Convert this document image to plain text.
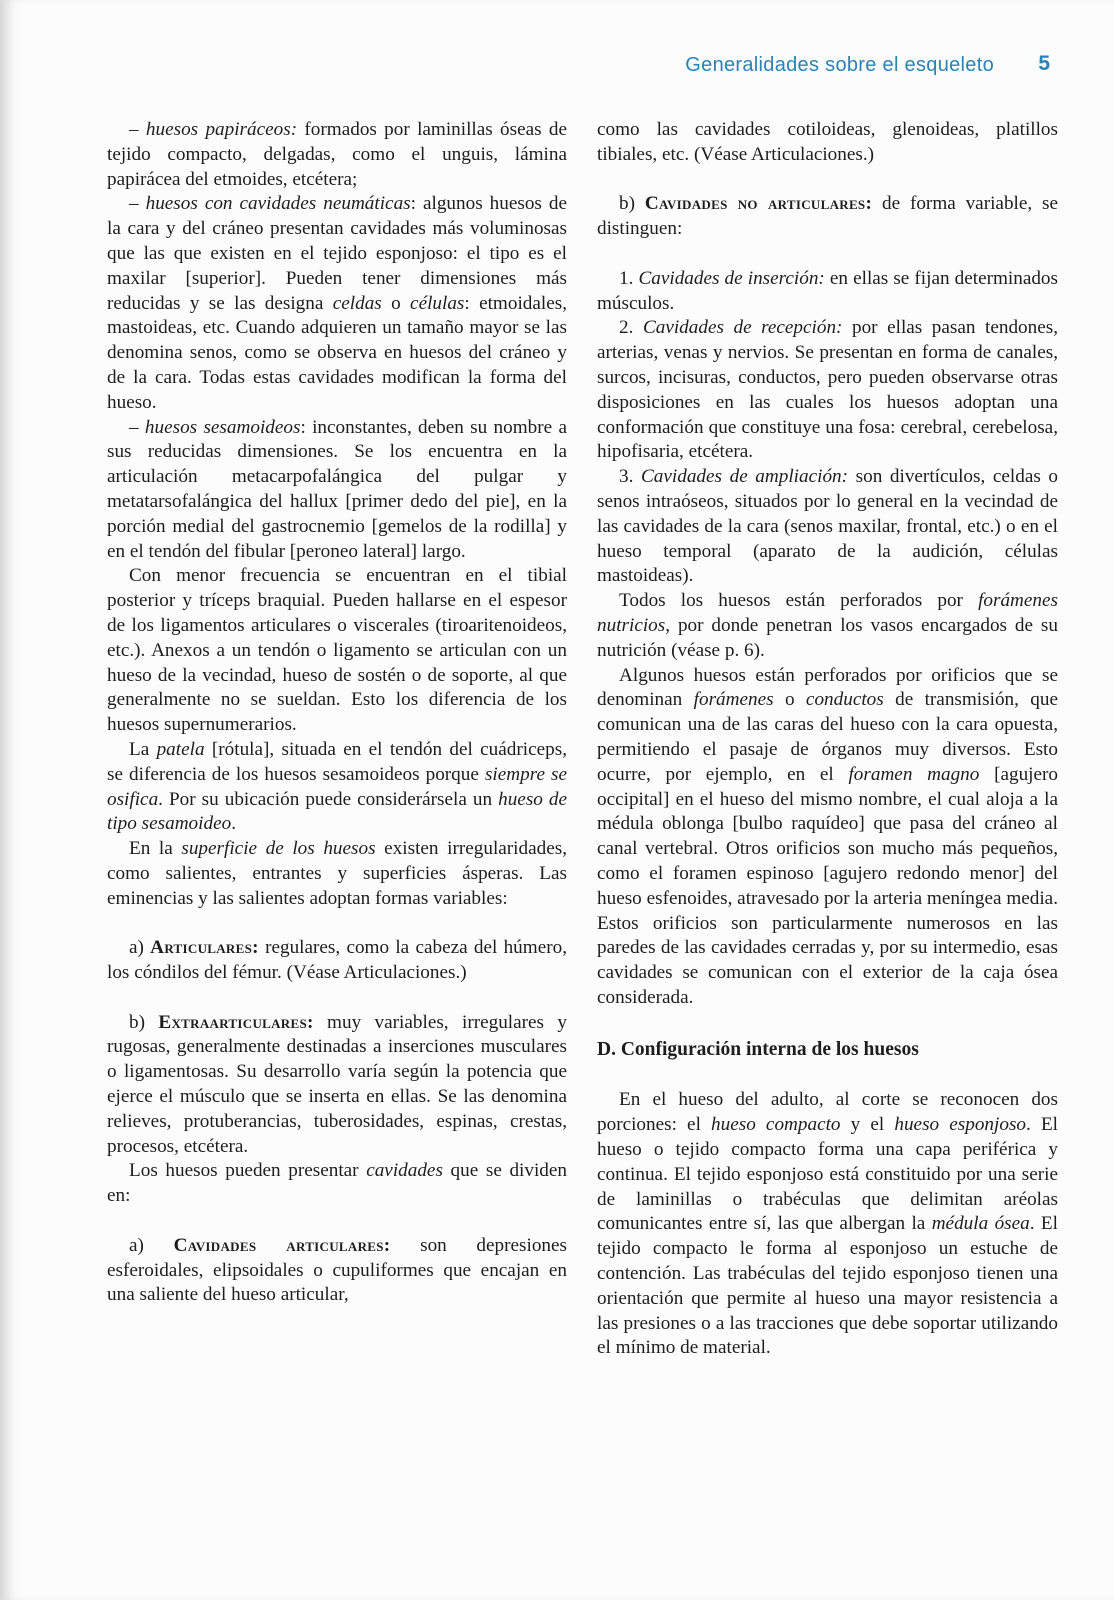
Generalidades sobre el esqueleto 5

– huesos papiráceos: formados por laminillas óseas de tejido compacto, delgadas, como el unguis, lámina papirácea del etmoides, etcétera;

– huesos con cavidades neumáticas: algunos huesos de la cara y del cráneo presentan cavidades más voluminosas que las que existen en el tejido esponjoso: el tipo es el maxilar [superior]. Pueden tener dimensiones más reducidas y se las designa celdas o células: etmoidales, mastoideas, etc. Cuando adquieren un tamaño mayor se las denomina senos, como se observa en huesos del cráneo y de la cara. Todas estas cavidades modifican la forma del hueso.

– huesos sesamoideos: inconstantes, deben su nombre a sus reducidas dimensiones. Se los encuentra en la articulación metacarpofalángica del pulgar y metatarsofalángica del hallux [primer dedo del pie], en la porción medial del gastrocnemio [gemelos de la rodilla] y en el tendón del fibular [peroneo lateral] largo.

Con menor frecuencia se encuentran en el tibial posterior y tríceps braquial. Pueden hallarse en el espesor de los ligamentos articulares o viscerales (tiroaritenoideos, etc.). Anexos a un tendón o ligamento se articulan con un hueso de la vecindad, hueso de sostén o de soporte, al que generalmente no se sueldan. Esto los diferencia de los huesos supernumerarios.

La patela [rótula], situada en el tendón del cuádriceps, se diferencia de los huesos sesamoideos porque siempre se osifica. Por su ubicación puede considerársela un hueso de tipo sesamoideo.

En la superficie de los huesos existen irregularidades, como salientes, entrantes y superficies ásperas. Las eminencias y las salientes adoptan formas variables:

a) Articulares: regulares, como la cabeza del húmero, los cóndilos del fémur. (Véase Articulaciones.)

b) Extraarticulares: muy variables, irregulares y rugosas, generalmente destinadas a inserciones musculares o ligamentosas. Su desarrollo varía según la potencia que ejerce el músculo que se inserta en ellas. Se las denomina relieves, protuberancias, tuberosidades, espinas, crestas, procesos, etcétera.

Los huesos pueden presentar cavidades que se dividen en:

a) Cavidades articulares: son depresiones esferoidales, elipsoidales o cupuliformes que encajan en una saliente del hueso articular,

como las cavidades cotiloideas, glenoideas, platillos tibiales, etc. (Véase Articulaciones.)

b) Cavidades no articulares: de forma variable, se distinguen:

1. Cavidades de inserción: en ellas se fijan determinados músculos.

2. Cavidades de recepción: por ellas pasan tendones, arterias, venas y nervios. Se presentan en forma de canales, surcos, incisuras, conductos, pero pueden observarse otras disposiciones en las cuales los huesos adoptan una conformación que constituye una fosa: cerebral, cerebelosa, hipofisaria, etcétera.

3. Cavidades de ampliación: son divertículos, celdas o senos intraóseos, situados por lo general en la vecindad de las cavidades de la cara (senos maxilar, frontal, etc.) o en el hueso temporal (aparato de la audición, células mastoideas).

Todos los huesos están perforados por forámenes nutricios, por donde penetran los vasos encargados de su nutrición (véase p. 6).

Algunos huesos están perforados por orificios que se denominan forámenes o conductos de transmisión, que comunican una de las caras del hueso con la cara opuesta, permitiendo el pasaje de órganos muy diversos. Esto ocurre, por ejemplo, en el foramen magno [agujero occipital] en el hueso del mismo nombre, el cual aloja a la médula oblonga [bulbo raquídeo] que pasa del cráneo al canal vertebral. Otros orificios son mucho más pequeños, como el foramen espinoso [agujero redondo menor] del hueso esfenoides, atravesado por la arteria meníngea media. Estos orificios son particularmente numerosos en las paredes de las cavidades cerradas y, por su intermedio, esas cavidades se comunican con el exterior de la caja ósea considerada.

D. Configuración interna de los huesos

En el hueso del adulto, al corte se reconocen dos porciones: el hueso compacto y el hueso esponjoso. El hueso o tejido compacto forma una capa periférica y continua. El tejido esponjoso está constituido por una serie de laminillas o trabéculas que delimitan aréolas comunicantes entre sí, las que albergan la médula ósea. El tejido compacto le forma al esponjoso un estuche de contención. Las trabéculas del tejido esponjoso tienen una orientación que permite al hueso una mayor resistencia a las presiones o a las tracciones que debe soportar utilizando el mínimo de material.
